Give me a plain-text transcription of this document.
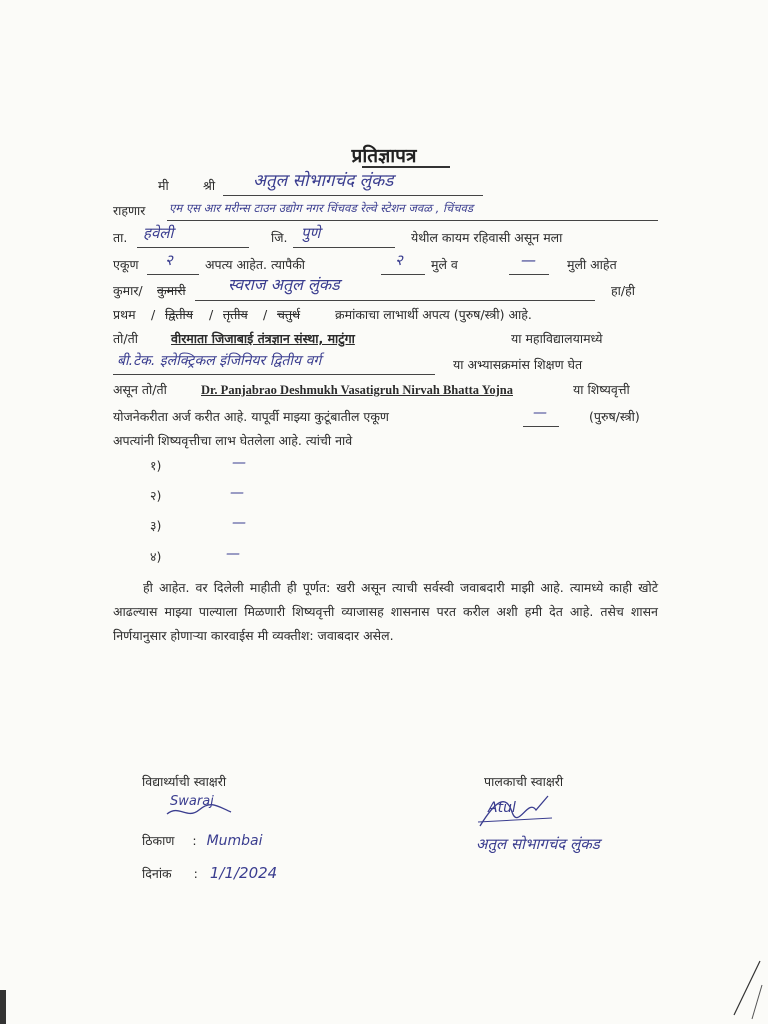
प्रतिज्ञापत्र
मी	श्री अतुल सोभागचंद लुंकड
राहणार एम एस आर मरीन्स टाउन उद्योग नगर चिंचवड रेल्वे स्टेशन जवळ , चिंचवड
ता. हवेली	जि. पुणे	येथील कायम रहिवासी असून मला
एकूण २	अपत्य आहेत. त्यापैकी	२ मुले व	— मुली आहेत
कुमार/ कुमारी	स्वराज अतुल लुंकड	हा/ही
प्रथम / द्वितीय / तृतीय / चतुर्थ	क्रमांकाचा लाभार्थी अपत्य (पुरुष/स्त्री) आहे.
तो/ती	वीरमाता जिजाबाई तंत्रज्ञान संस्था, माटुंगा	या महाविद्यालयामध्ये
बी.टेक. इलेक्ट्रिकल इंजिनियर द्वितीय वर्ग	या अभ्यासक्रमांस शिक्षण घेत
असून तो/ती	Dr. Panjabrao Deshmukh Vasatigruh Nirvah Bhatta Yojna	या शिष्यवृत्ती
योजनेकरीता अर्ज करीत आहे. यापूर्वी माझ्या कुटूंबातील एकूण	—	(पुरुष/स्त्री)
अपत्यांनी शिष्यवृत्तीचा लाभ घेतलेला आहे. त्यांची नावे
१)	—
२)	—
३)	—
४)	—
ही आहेत. वर दिलेली माहीती ही पूर्णत: खरी असून त्याची सर्वस्वी जवाबदारी माझी आहे. त्यामध्ये काही खोटे आढल्यास माझ्या पाल्याला मिळणारी शिष्यवृत्ती व्याजासह शासनास परत करील अशी हमी देत आहे. तसेच शासन निर्णयानुसार होणाऱ्या कारवाईस मी व्यक्तीश: जवाबदार असेल.
विद्यार्थ्याची स्वाक्षरी
Swaraj
ठिकाण : Mumbai
दिनांक : 1/1/2024
पालकाची स्वाक्षरी
Atul
अतुल सोभागचंद लुंकड
